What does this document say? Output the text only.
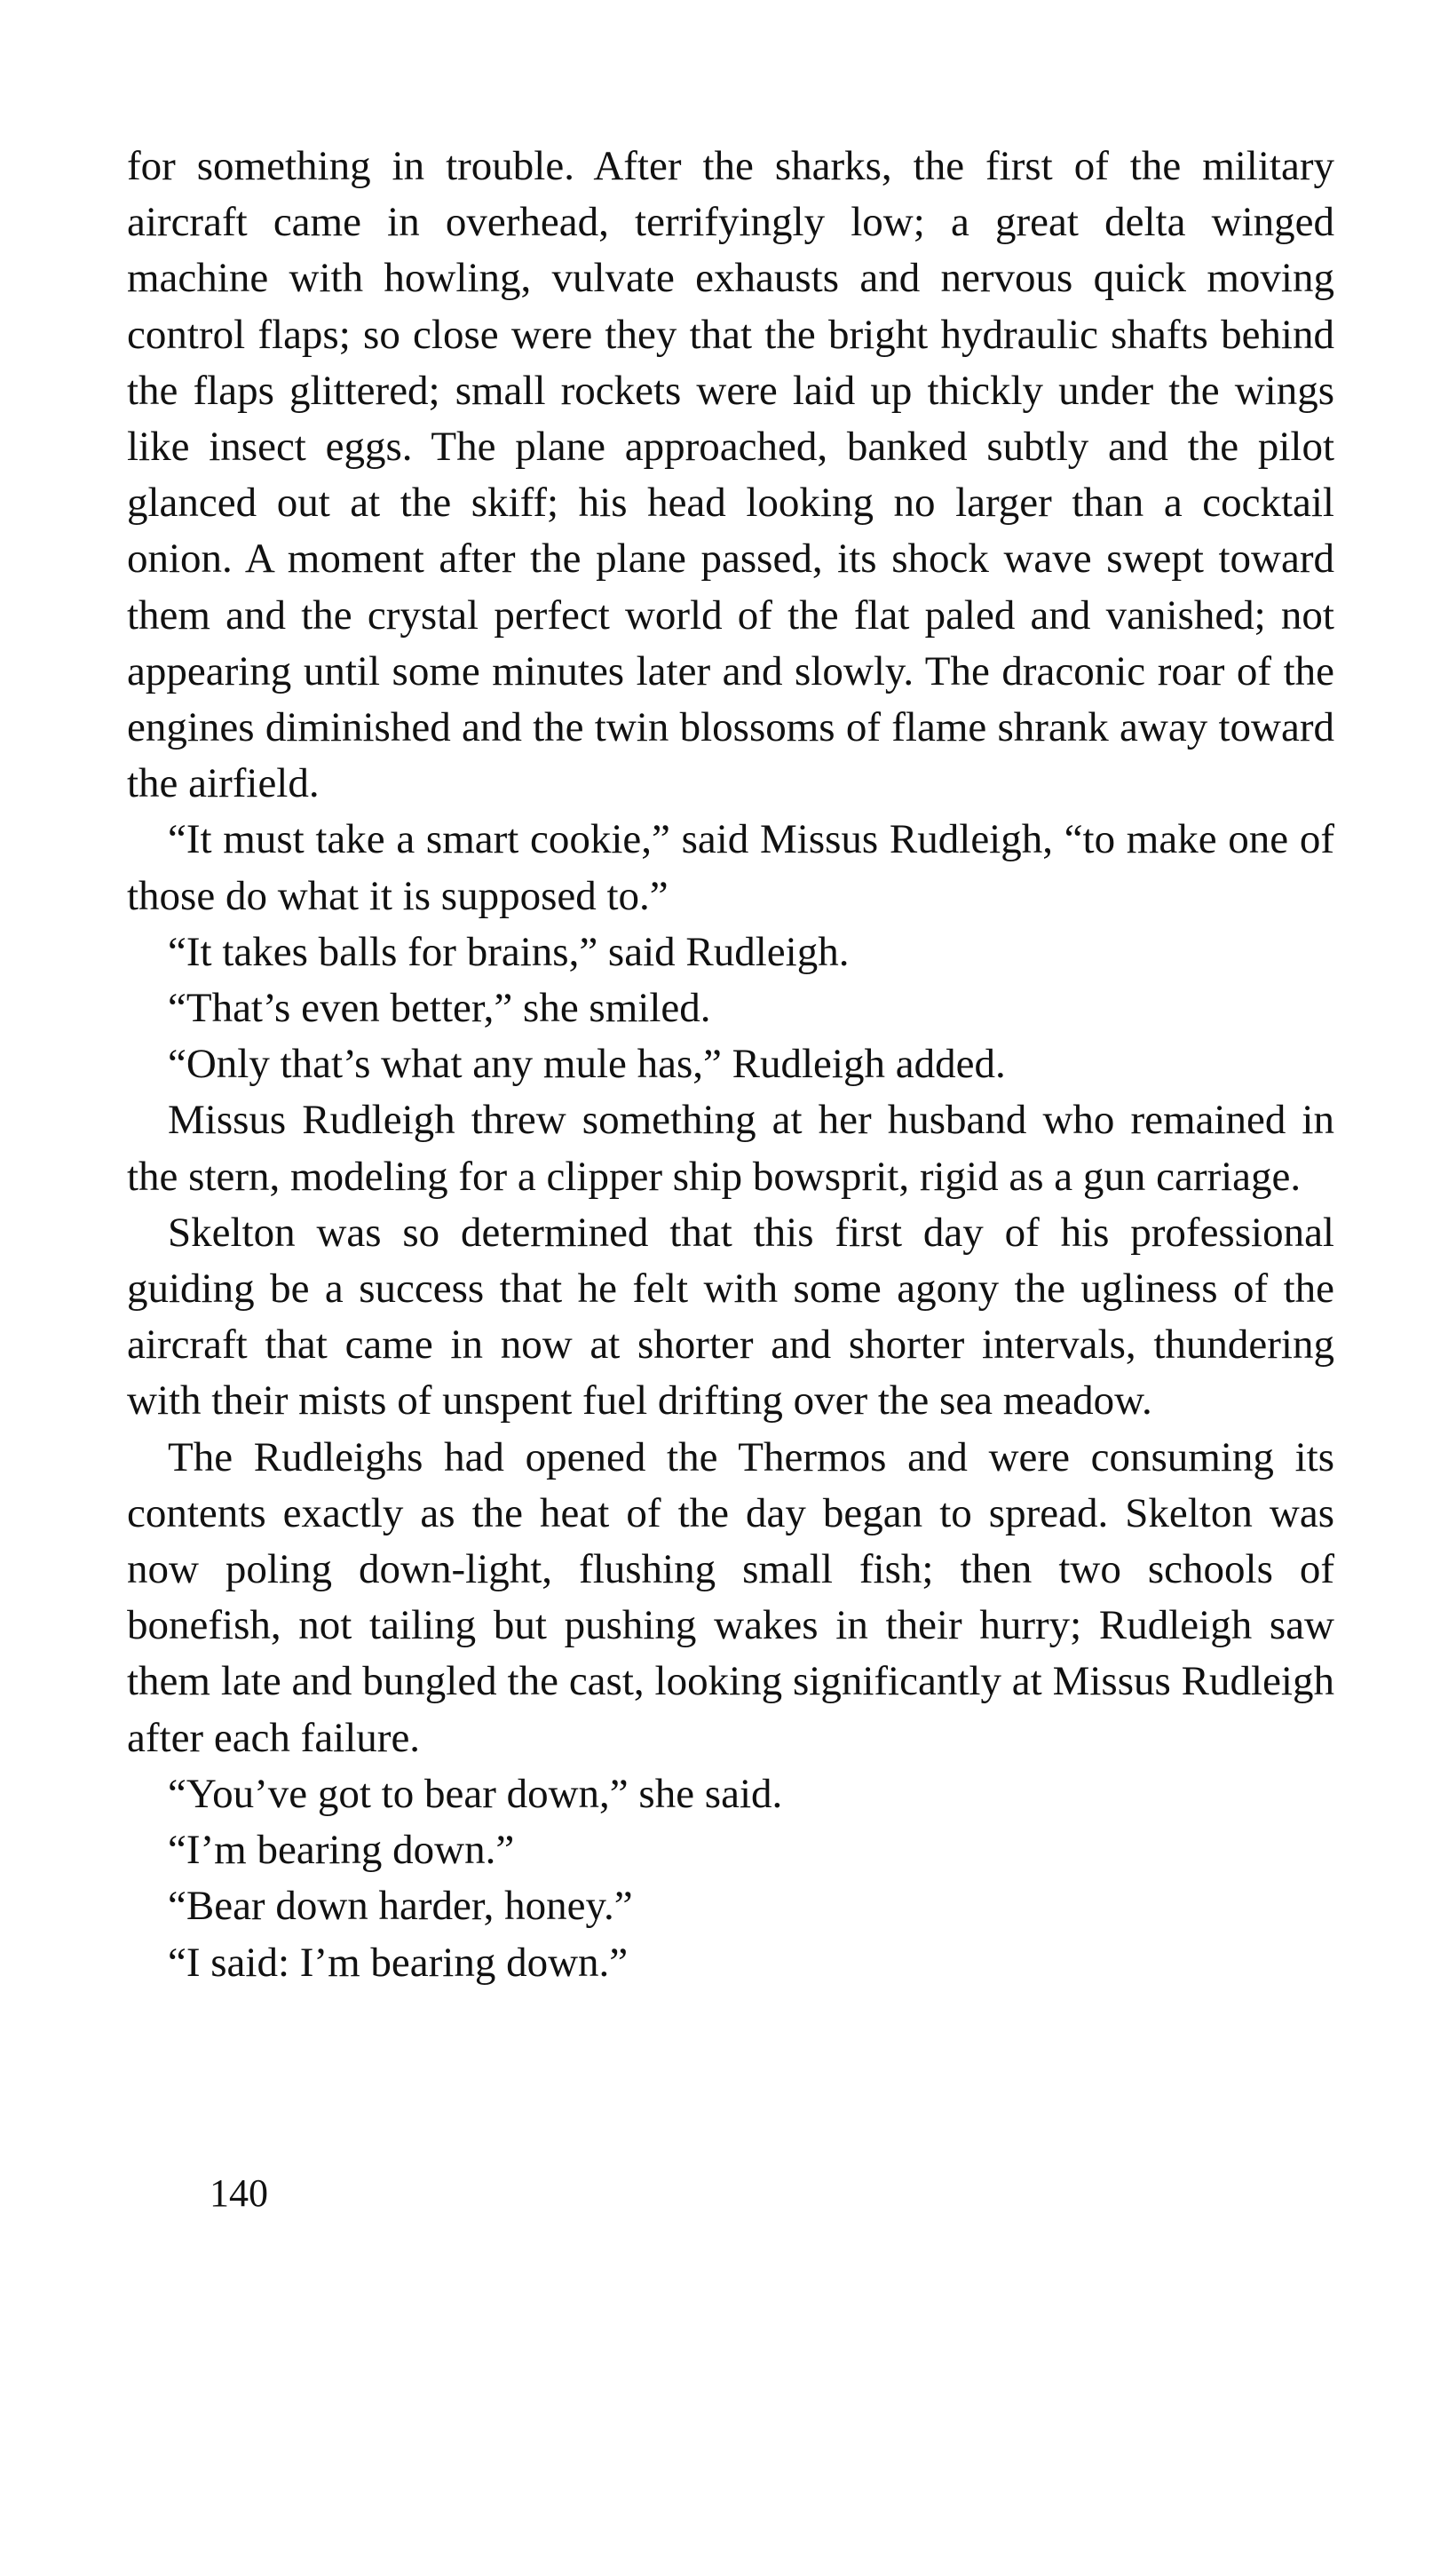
for something in trouble. After the sharks, the first of the military aircraft came in overhead, terrifyingly low; a great delta winged machine with howling, vulvate exhausts and nervous quick moving control flaps; so close were they that the bright hydraulic shafts behind the flaps glittered; small rockets were laid up thickly under the wings like insect eggs. The plane approached, banked subtly and the pilot glanced out at the skiff; his head looking no larger than a cocktail onion. A moment after the plane passed, its shock wave swept toward them and the crystal perfect world of the flat paled and vanished; not appearing until some minutes later and slowly. The draconic roar of the engines diminished and the twin blossoms of flame shrank away toward the airfield.

“It must take a smart cookie,” said Missus Rudleigh, “to make one of those do what it is supposed to.”

“It takes balls for brains,” said Rudleigh.

“That’s even better,” she smiled.

“Only that’s what any mule has,” Rudleigh added.

Missus Rudleigh threw something at her husband who remained in the stern, modeling for a clipper ship bowsprit, rigid as a gun carriage.

Skelton was so determined that this first day of his professional guiding be a success that he felt with some agony the ugliness of the aircraft that came in now at shorter and shorter intervals, thundering with their mists of unspent fuel drifting over the sea meadow.

The Rudleighs had opened the Thermos and were consuming its contents exactly as the heat of the day began to spread. Skelton was now poling down-light, flushing small fish; then two schools of bonefish, not tailing but pushing wakes in their hurry; Rudleigh saw them late and bungled the cast, looking significantly at Missus Rudleigh after each failure.

“You’ve got to bear down,” she said.

“I’m bearing down.”

“Bear down harder, honey.”

“I said: I’m bearing down.”

140
